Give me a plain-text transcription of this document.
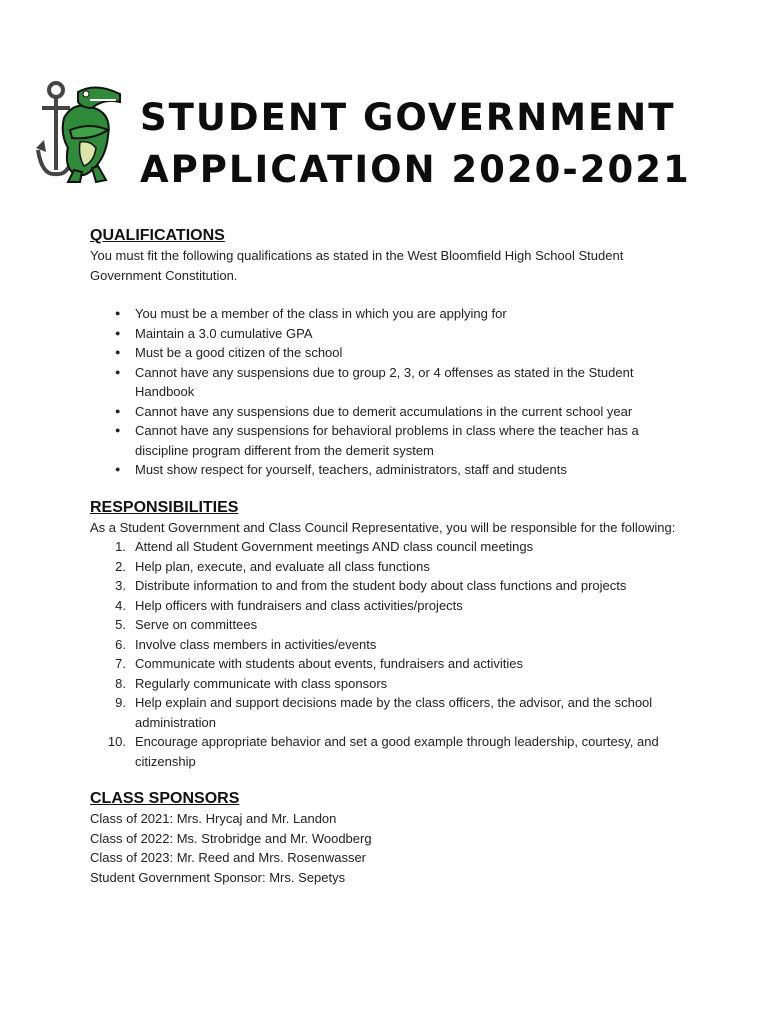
STUDENT GOVERNMENT
APPLICATION 2020-2021
QUALIFICATIONS

You must fit the following qualifications as stated in the West Bloomfield High School Student Government Constitution.

● You must be a member of the class in which you are applying for
● Maintain a 3.0 cumulative GPA
● Must be a good citizen of the school
● Cannot have any suspensions due to group 2, 3, or 4 offenses as stated in the Student Handbook
● Cannot have any suspensions due to demerit accumulations in the current school year
● Cannot have any suspensions for behavioral problems in class where the teacher has a discipline program different from the demerit system
● Must show respect for yourself, teachers, administrators, staff and students
RESPONSIBILITIES

As a Student Government and Class Council Representative, you will be responsible for the following:

1. Attend all Student Government meetings AND class council meetings
2. Help plan, execute, and evaluate all class functions
3. Distribute information to and from the student body about class functions and projects
4. Help officers with fundraisers and class activities/projects
5. Serve on committees
6. Involve class members in activities/events
7. Communicate with students about events, fundraisers and activities
8. Regularly communicate with class sponsors
9. Help explain and support decisions made by the class officers, the advisor, and the school administration
10. Encourage appropriate behavior and set a good example through leadership, courtesy, and citizenship
CLASS SPONSORS

Class of 2021: Mrs. Hrycaj and Mr. Landon

Class of 2022: Ms. Strobridge and Mr. Woodberg

Class of 2023: Mr. Reed and Mrs. Rosenwasser

Student Government Sponsor: Mrs. Sepetys
